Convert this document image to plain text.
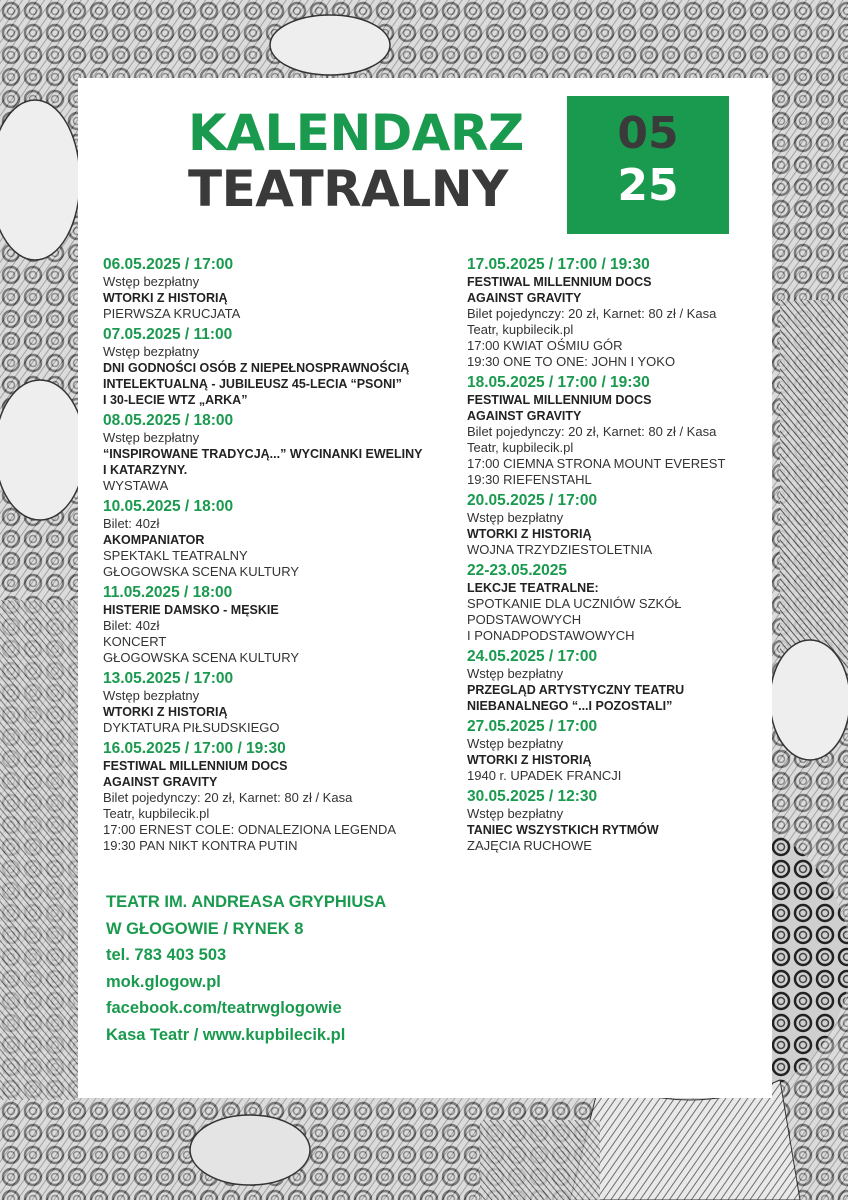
KALENDARZ
TEATRALNY
05
25
06.05.2025 / 17:00
Wstęp bezpłatny
WTORKI Z HISTORIĄ
PIERWSZA KRUCJATA
07.05.2025 / 11:00
Wstęp bezpłatny
DNI GODNOŚCI OSÓB Z NIEPEŁNOSPRAWNOŚCIĄ
INTELEKTUALNĄ - JUBILEUSZ 45-LECIA “PSONI”
I 30-LECIE WTZ „ARKA”
08.05.2025 / 18:00
Wstęp bezpłatny
“INSPIROWANE TRADYCJĄ...” WYCINANKI EWELINY
I KATARZYNY.
WYSTAWA
10.05.2025 / 18:00
Bilet: 40zł
AKOMPANIATOR
SPEKTAKL TEATRALNY
GŁOGOWSKA SCENA KULTURY
11.05.2025 / 18:00
HISTERIE DAMSKO - MĘSKIE
Bilet: 40zł
KONCERT
GŁOGOWSKA SCENA KULTURY
13.05.2025 / 17:00
Wstęp bezpłatny
WTORKI Z HISTORIĄ
DYKTATURA PIŁSUDSKIEGO
16.05.2025 / 17:00 / 19:30
FESTIWAL MILLENNIUM DOCS
AGAINST GRAVITY
Bilet pojedynczy: 20 zł, Karnet: 80 zł / Kasa
Teatr, kupbilecik.pl
17:00 ERNEST COLE: ODNALEZIONA LEGENDA
19:30 PAN NIKT KONTRA PUTIN
17.05.2025 / 17:00 / 19:30
FESTIWAL MILLENNIUM DOCS
AGAINST GRAVITY
Bilet pojedynczy: 20 zł, Karnet: 80 zł / Kasa
Teatr, kupbilecik.pl
17:00 KWIAT OŚMIU GÓR
19:30 ONE TO ONE: JOHN I YOKO
18.05.2025 / 17:00 / 19:30
FESTIWAL MILLENNIUM DOCS
AGAINST GRAVITY
Bilet pojedynczy: 20 zł, Karnet: 80 zł / Kasa
Teatr, kupbilecik.pl
17:00 CIEMNA STRONA MOUNT EVEREST
19:30 RIEFENSTAHL
20.05.2025 / 17:00
Wstęp bezpłatny
WTORKI Z HISTORIĄ
WOJNA TRZYDZIESTOLETNIA
22-23.05.2025
LEKCJE TEATRALNE:
SPOTKANIE DLA UCZNIÓW SZKÓŁ
PODSTAWOWYCH
I PONADPODSTAWOWYCH
24.05.2025 / 17:00
Wstęp bezpłatny
PRZEGLĄD ARTYSTYCZNY TEATRU
NIEBANALNEGO “...I POZOSTALI”
27.05.2025 / 17:00
Wstęp bezpłatny
WTORKI Z HISTORIĄ
1940 r. UPADEK FRANCJI
30.05.2025 / 12:30
Wstęp bezpłatny
TANIEC WSZYSTKICH RYTMÓW
ZAJĘCIA RUCHOWE
TEATR IM. ANDREASA GRYPHIUSA
W GŁOGOWIE / RYNEK 8
tel. 783 403 503
mok.glogow.pl
facebook.com/teatrwglogowie
Kasa Teatr / www.kupbilecik.pl
